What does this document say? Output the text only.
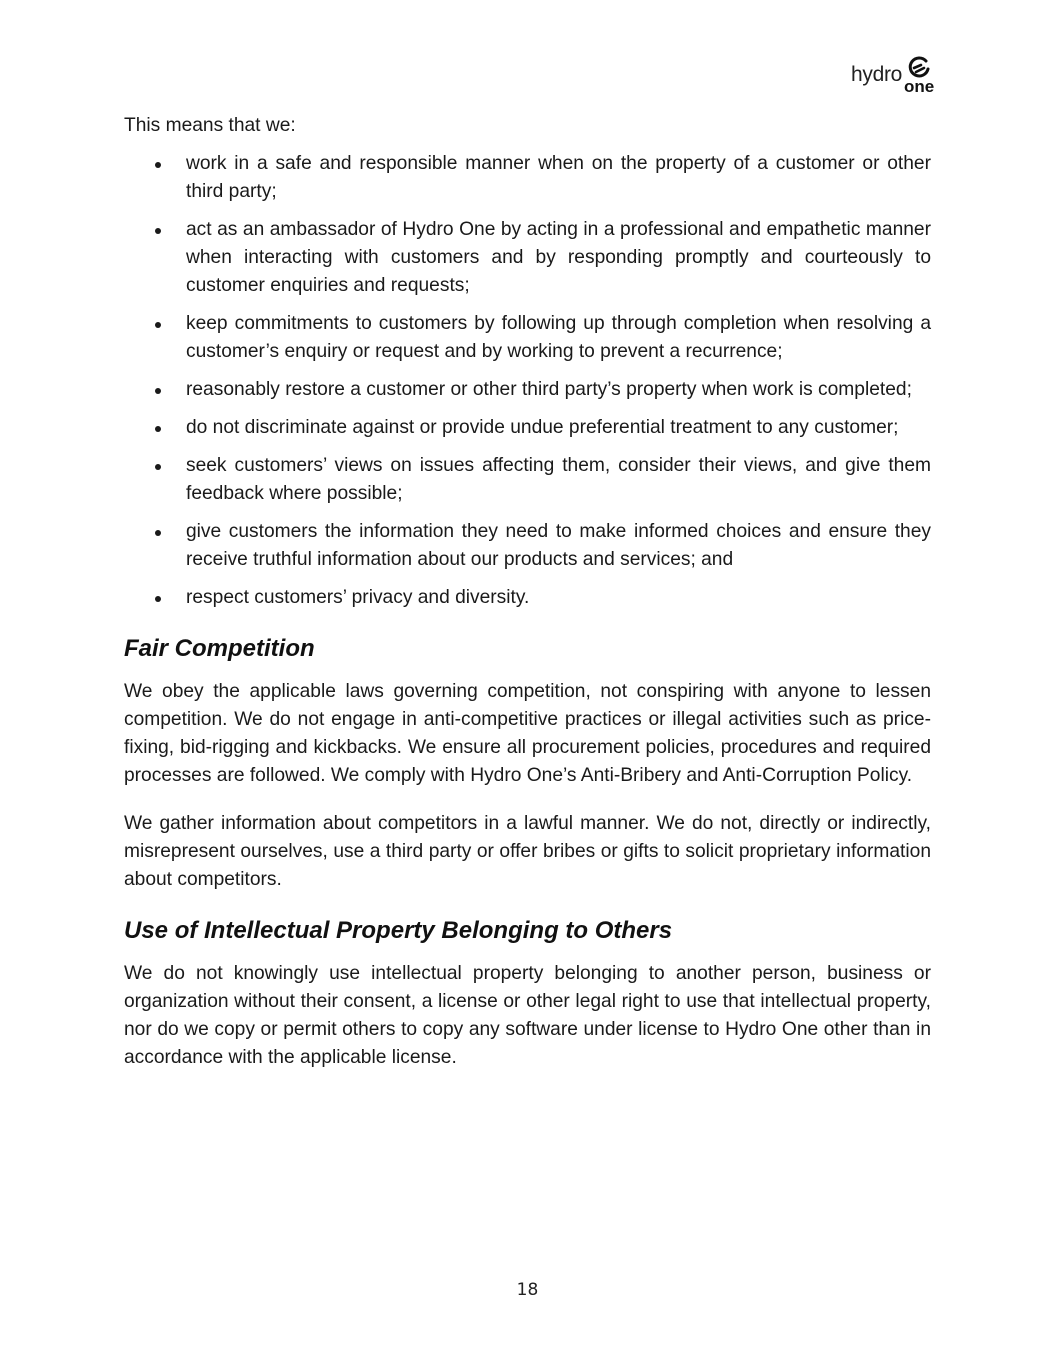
hydro
one

This means that we:

work in a safe and responsible manner when on the property of a customer or other third party;
act as an ambassador of Hydro One by acting in a professional and empathetic manner when interacting with customers and by responding promptly and courteously to customer enquiries and requests;
keep commitments to customers by following up through completion when resolving a customer’s enquiry or request and by working to prevent a recurrence;
reasonably restore a customer or other third party’s property when work is completed;
do not discriminate against or provide undue preferential treatment to any customer;
seek customers’ views on issues affecting them, consider their views, and give them feedback where possible;
give customers the information they need to make informed choices and ensure they receive truthful information about our products and services; and
respect customers’ privacy and diversity.
Fair Competition

We obey the applicable laws governing competition, not conspiring with anyone to lessen competition. We do not engage in anti-competitive practices or illegal activities such as price-fixing, bid-rigging and kickbacks. We ensure all procurement policies, procedures and required processes are followed. We comply with Hydro One’s Anti-Bribery and Anti-Corruption Policy.

We gather information about competitors in a lawful manner. We do not, directly or indirectly, misrepresent ourselves, use a third party or offer bribes or gifts to solicit proprietary information about competitors.

Use of Intellectual Property Belonging to Others

We do not knowingly use intellectual property belonging to another person, business or organization without their consent, a license or other legal right to use that intellectual property, nor do we copy or permit others to copy any software under license to Hydro One other than in accordance with the applicable license.

18
